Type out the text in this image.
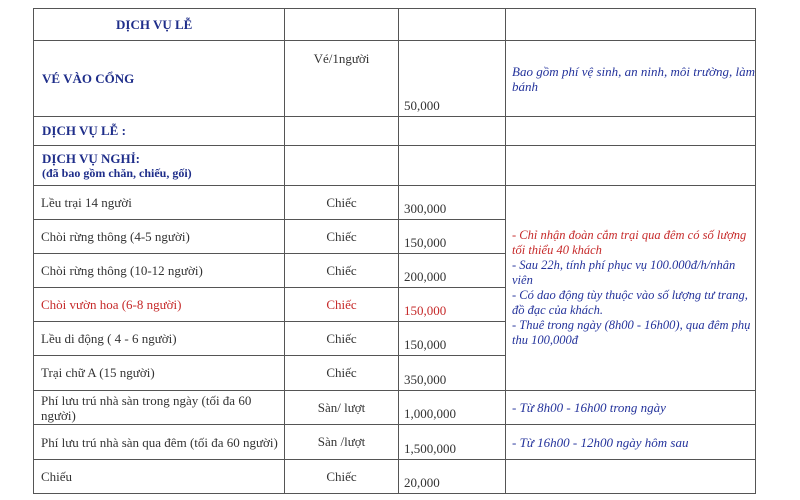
DỊCH VỤ LỄ			
VÉ VÀO CỔNG	Vé/1người	50,000	Bao gồm phí vệ sinh, an ninh, môi trường, làm bánh
DỊCH VỤ LỄ :			

DỊCH VỤ NGHỈ:
(đã bao gồm chăn, chiếu, gối)			

Lều trại 14 người	Chiếc	300,000	- Chỉ nhận đoàn cắm trại qua đêm có số lượng tối thiểu 40 khách
- Sau 22h, tính phí phục vụ 100.000đ/h/nhân viên
- Có dao động tùy thuộc vào số lượng tư trang, đồ đạc của khách.
- Thuê trong ngày (8h00 - 16h00), qua đêm phụ thu 100,000đ

Chòi rừng thông (4-5 người)	Chiếc	150,000	
Chòi rừng thông (10-12 người)	Chiếc	200,000	
Chòi vườn hoa (6-8 người)	Chiếc	150,000	
Lều di động ( 4 - 6 người)	Chiếc	150,000	
Trại chữ A (15 người)	Chiếc	350,000	
Phí lưu trú nhà sàn trong ngày (tối đa 60 người)	Sàn/ lượt	1,000,000	- Từ 8h00 - 16h00 trong ngày
Phí lưu trú nhà sàn qua đêm (tối đa 60 người)	Sàn /lượt	1,500,000	- Từ 16h00 - 12h00 ngày hôm sau
Chiếu	Chiếc	20,000	
